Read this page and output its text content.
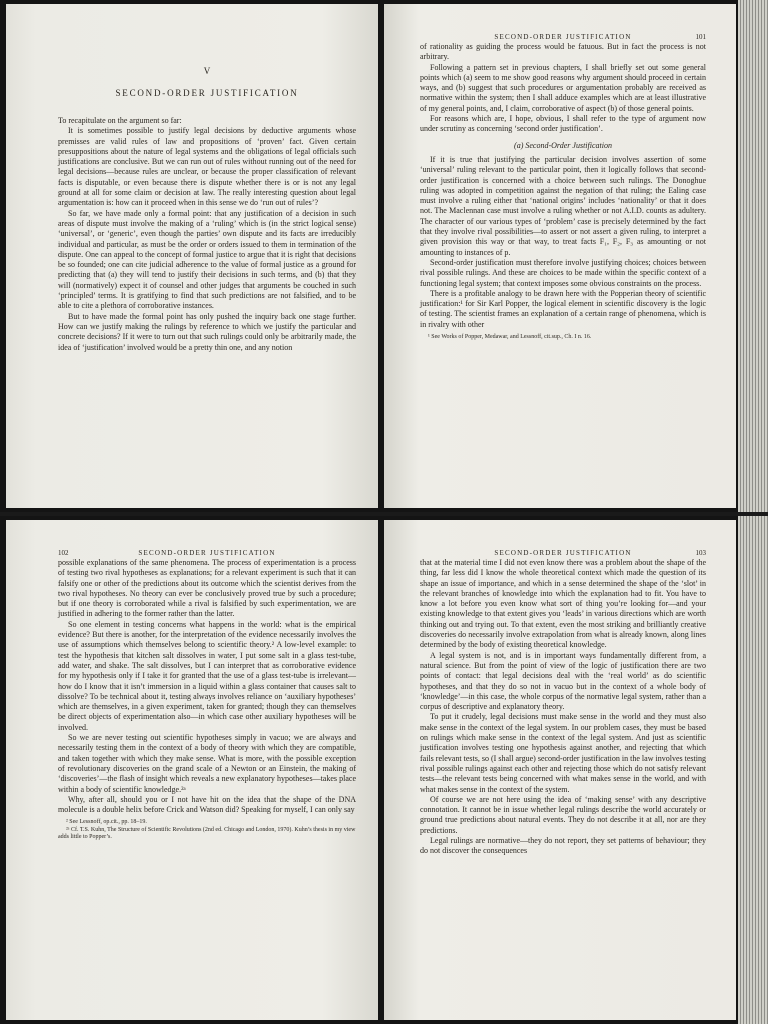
V
SECOND-ORDER JUSTIFICATION

To recapitulate on the argument so far:

It is sometimes possible to justify legal decisions by deductive arguments whose premisses are valid rules of law and propositions of ‘proven’ fact. Given certain presuppositions about the nature of legal systems and the obligations of legal officials such justifications are conclusive. But we can run out of rules without running out of the need for legal decisions—because rules are unclear, or because the proper classification of relevant facts is disputable, or even because there is dispute whether there is or is not any legal ground at all for some claim or decision at law. The really interesting question about legal argumentation is: how can it proceed when in this sense we do ‘run out of rules’?

So far, we have made only a formal point: that any justification of a decision in such areas of dispute must involve the making of a ‘ruling’ which is (in the strict logical sense) ‘universal’, or ‘generic’, even though the parties’ own dispute and its facts are irreducibly individual and particular, as must be the order or orders issued to them in termination of the dispute. One can appeal to the concept of formal justice to argue that it is right that decisions be so founded; one can cite judicial adherence to the value of formal justice as a ground for predicting that (a) they will tend to justify their decisions in such terms, and (b) that they will (normatively) expect it of counsel and other judges that arguments be couched in such ‘principled’ terms. It is gratifying to find that such predictions are not falsified, and to be able to cite a plethora of corroborative instances.

But to have made the formal point has only pushed the inquiry back one stage further. How can we justify making the rulings by reference to which we justify the particular and concrete decisions? If it were to turn out that such rulings could only be arbitrarily made, the idea of ‘justification’ involved would be a pretty thin one, and any notion

SECOND-ORDER JUSTIFICATION	101

of rationality as guiding the process would be fatuous. But in fact the process is not arbitrary.

Following a pattern set in previous chapters, I shall briefly set out some general points which (a) seem to me show good reasons why argument should proceed in certain ways, and (b) suggest that such procedures or argumentation probably are received as normative within the system; then I shall adduce examples which are at least illustrative of my general points, and, I claim, corroborative of aspect (b) of those general points.

For reasons which are, I hope, obvious, I shall refer to the type of argument now under scrutiny as concerning ‘second order justification’.

(a) Second-Order Justification

If it is true that justifying the particular decision involves assertion of some ‘universal’ ruling relevant to the particular point, then it logically follows that second-order justification is concerned with a choice between such rulings. The Donoghue ruling was adopted in competition against the negation of that ruling; the Ealing case must involve a ruling either that ‘national origins’ includes ‘nationality’ or that it does not. The Maclennan case must involve a ruling whether or not A.I.D. counts as adultery. The character of our various types of ‘problem’ case is precisely determined by the fact that they involve rival possibilities—to assert or not assert a given ruling, to interpret a given provision this way or that way, to treat facts F₁, F₂, F₃ as amounting or not amounting to instances of p.

Second-order justification must therefore involve justifying choices; choices between rival possible rulings. And these are choices to be made within the specific context of a functioning legal system; that context imposes some obvious constraints on the process.

There is a profitable analogy to be drawn here with the Popperian theory of scientific justification:¹ for Sir Karl Popper, the logical element in scientific discovery is the logic of testing. The scientist frames an explanation of a certain range of phenomena, which is in rivalry with other

¹ See Works of Popper, Medawar, and Lessnoff, cit.sup., Ch. I n. 16.

102	SECOND-ORDER JUSTIFICATION

possible explanations of the same phenomena. The process of experimentation is a process of testing two rival hypotheses as explanations; for a relevant experiment is such that it can falsify one or other of the predictions about its outcome which the scientist derives from the two rival hypotheses. No theory can ever be conclusively proved true by such a procedure; but if one theory is corroborated while a rival is falsified by such experimentation, we are justified in adhering to the former rather than the latter.

So one element in testing concerns what happens in the world: what is the empirical evidence? But there is another, for the interpretation of the evidence necessarily involves the use of assumptions which themselves belong to scientific theory.² A low-level example: to test the hypothesis that kitchen salt dissolves in water, I put some salt in a glass test-tube, add water, and shake. The salt dissolves, but I can interpret that as corroborative evidence for my hypothesis only if I take it for granted that the use of a glass test-tube is irrelevant—how do I know that it isn’t immersion in a liquid within a glass container that causes salt to dissolve? To be technical about it, testing always involves reliance on ‘auxiliary hypotheses’ which are themselves, in a given experiment, taken for granted; though they can themselves be direct objects of experimentation also—in which case other auxiliary hypotheses will be involved.

So we are never testing out scientific hypotheses simply in vacuo; we are always and necessarily testing them in the context of a body of theory with which they are compatible, and taken together with which they make sense. What is more, with the possible exception of revolutionary discoveries on the grand scale of a Newton or an Einstein, the making of ‘discoveries’—the flash of insight which reveals a new explanatory hypotheses—takes place within a body of scientific knowledge.²ᵃ

Why, after all, should you or I not have hit on the idea that the shape of the DNA molecule is a double helix before Crick and Watson did? Speaking for myself, I can only say

² See Lessnoff, op.cit., pp. 18–19.

²ᵃ Cf. T.S. Kuhn, The Structure of Scientific Revolutions (2nd ed. Chicago and London, 1970). Kuhn’s thesis in my view adds little to Popper’s.

SECOND-ORDER JUSTIFICATION	103

that at the material time I did not even know there was a problem about the shape of the thing, far less did I know the whole theoretical context which made the question of its shape an issue of importance, and which in a sense determined the shape of the ‘slot’ in the relevant branches of knowledge into which the explanation had to fit. You have to know a lot before you even know what sort of thing you’re looking for—and your existing knowledge to that extent gives you ‘leads’ in various directions which are worth thinking out and trying out. To that extent, even the most striking and brilliantly creative discoveries do necessarily involve extrapolation from what is already known, along lines determined by the body of existing theoretical knowledge.

A legal system is not, and is in important ways fundamentally different from, a natural science. But from the point of view of the logic of justification there are two points of contact: that legal decisions deal with the ‘real world’ as do scientific hypotheses, and that they do so not in vacuo but in the context of a whole body of ‘knowledge’—in this case, the whole corpus of the normative legal system, rather than a corpus of descriptive and explanatory theory.

To put it crudely, legal decisions must make sense in the world and they must also make sense in the context of the legal system. In our problem cases, they must be based on rulings which make sense in the context of the legal system. And just as scientific justification involves testing one hypothesis against another, and rejecting that which fails relevant tests, so (I shall argue) second-order justification in the law involves testing rival possible rulings against each other and rejecting those which do not satisfy relevant tests—the relevant tests being concerned with what makes sense in the world, and with what makes sense in the context of the system.

Of course we are not here using the idea of ‘making sense’ with any descriptive connotation. It cannot be in issue whether legal rulings describe the world accurately or ground true predictions about natural events. They do not describe it at all, nor are they predictions.

Legal rulings are normative—they do not report, they set patterns of behaviour; they do not discover the consequences
